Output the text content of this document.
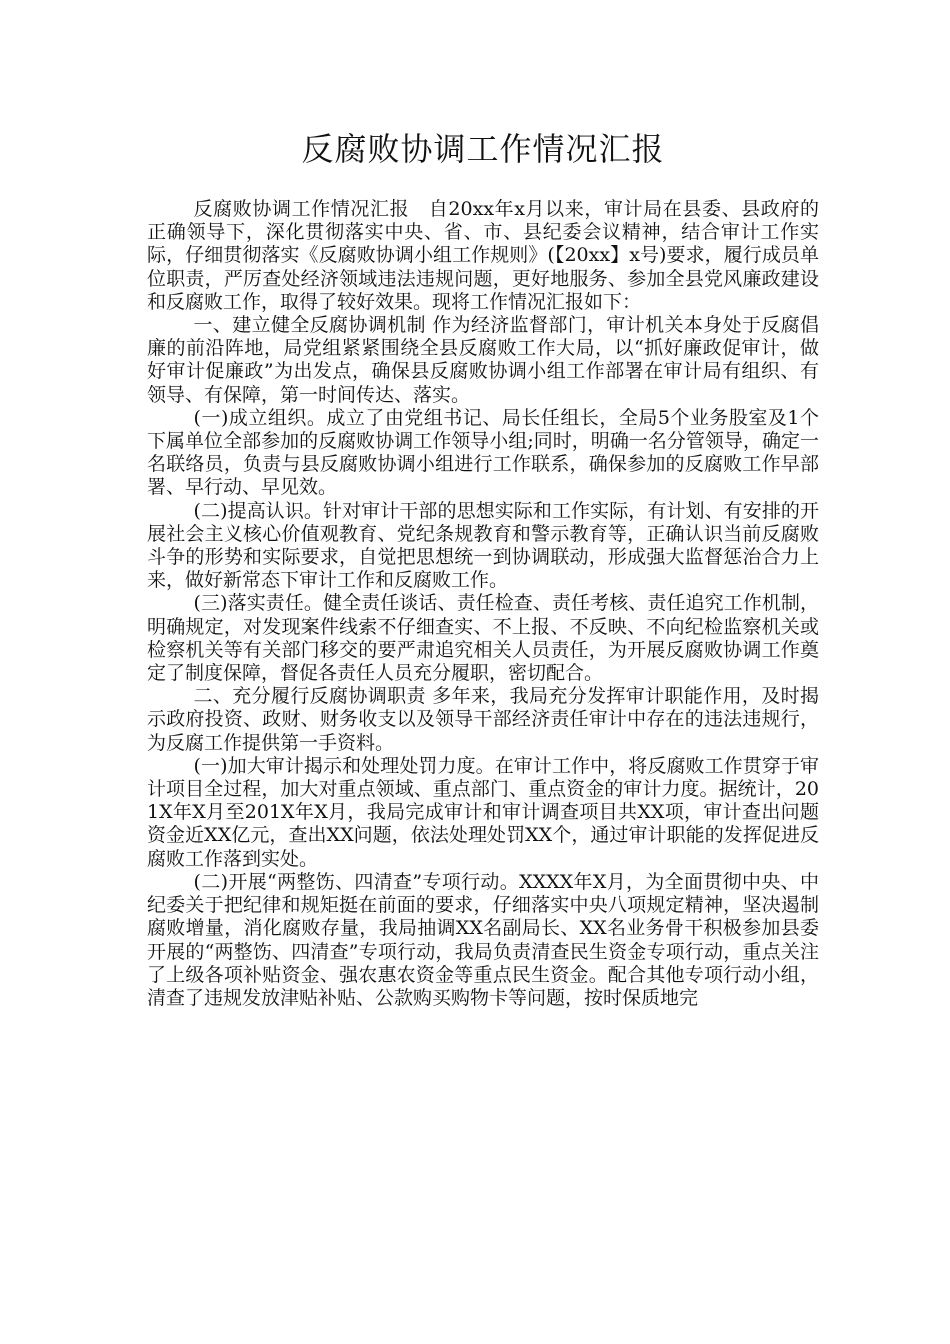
反腐败协调工作情况汇报

反腐败协调工作情况汇报　自20xx年x月以来，审计局在县委、县政府的正确领导下，深化贯彻落实中央、省、市、县纪委会议精神，结合审计工作实际，仔细贯彻落实《反腐败协调小组工作规则》(【20xx】x号)要求，履行成员单位职责，严厉查处经济领域违法违规问题，更好地服务、参加全县党风廉政建设和反腐败工作，取得了较好效果。现将工作情况汇报如下：

一、建立健全反腐协调机制 作为经济监督部门，审计机关本身处于反腐倡廉的前沿阵地，局党组紧紧围绕全县反腐败工作大局，以“抓好廉政促审计，做好审计促廉政”为出发点，确保县反腐败协调小组工作部署在审计局有组织、有领导、有保障，第一时间传达、落实。

(一)成立组织。成立了由党组书记、局长任组长，全局5个业务股室及1个下属单位全部参加的反腐败协调工作领导小组;同时，明确一名分管领导，确定一名联络员，负责与县反腐败协调小组进行工作联系，确保参加的反腐败工作早部署、早行动、早见效。

(二)提高认识。针对审计干部的思想实际和工作实际，有计划、有安排的开展社会主义核心价值观教育、党纪条规教育和警示教育等，正确认识当前反腐败斗争的形势和实际要求，自觉把思想统一到协调联动，形成强大监督惩治合力上来，做好新常态下审计工作和反腐败工作。

(三)落实责任。健全责任谈话、责任检查、责任考核、责任追究工作机制，明确规定，对发现案件线索不仔细查实、不上报、不反映、不向纪检监察机关或检察机关等有关部门移交的要严肃追究相关人员责任，为开展反腐败协调工作奠定了制度保障，督促各责任人员充分履职，密切配合。

二、充分履行反腐协调职责 多年来，我局充分发挥审计职能作用，及时揭示政府投资、政财、财务收支以及领导干部经济责任审计中存在的违法违规行，为反腐工作提供第一手资料。

(一)加大审计揭示和处理处罚力度。在审计工作中，将反腐败工作贯穿于审计项目全过程，加大对重点领域、重点部门、重点资金的审计力度。据统计，201X年X月至201X年X月，我局完成审计和审计调查项目共XX项，审计查出问题资金近XX亿元，查出XX问题，依法处理处罚XX个，通过审计职能的发挥促进反腐败工作落到实处。

(二)开展“两整饬、四清查”专项行动。XXXX年X月，为全面贯彻中央、中纪委关于把纪律和规矩挺在前面的要求，仔细落实中央八项规定精神，坚决遏制腐败增量，消化腐败存量，我局抽调XX名副局长、XX名业务骨干积极参加县委开展的“两整饬、四清查”专项行动，我局负责清查民生资金专项行动，重点关注了上级各项补贴资金、强农惠农资金等重点民生资金。配合其他专项行动小组，清查了违规发放津贴补贴、公款购买购物卡等问题，按时保质地完
